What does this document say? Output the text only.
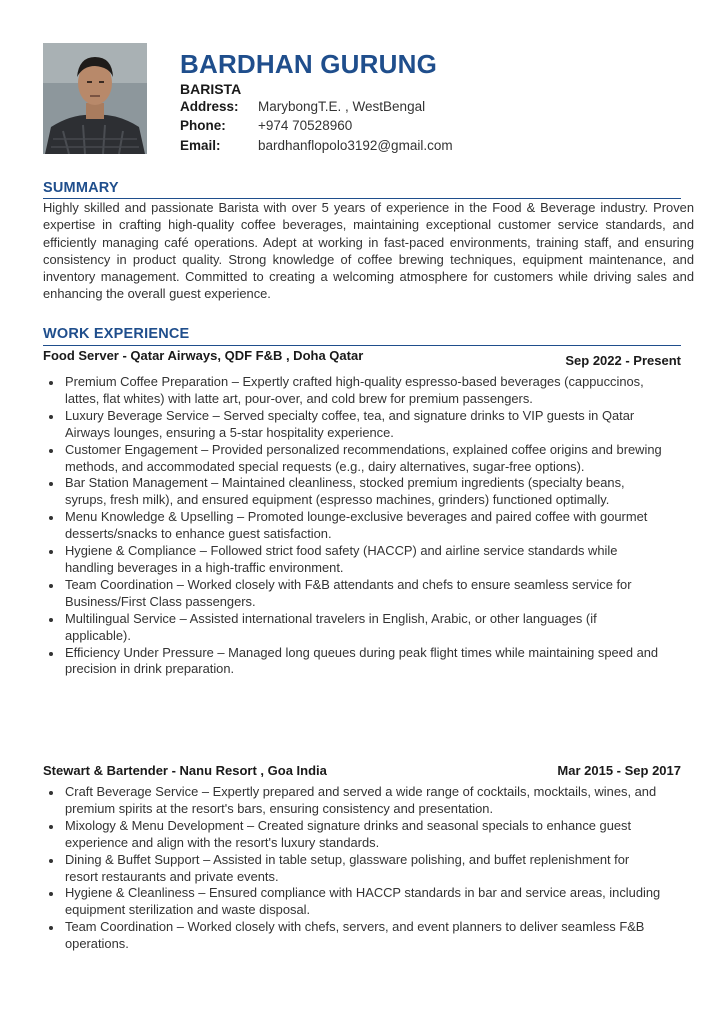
BARDHAN GURUNG
BARISTA
Address: MarybongT.E. , WestBengal
Phone: +974 70528960
Email:	bardhanflopolo3192@gmail.com
SUMMARY
Highly skilled and passionate Barista with over 5 years of experience in the Food & Beverage industry. Proven expertise in crafting high-quality coffee beverages, maintaining exceptional customer service standards, and efficiently managing café operations. Adept at working in fast-paced environments, training staff, and ensuring consistency in product quality. Strong knowledge of coffee brewing techniques, equipment maintenance, and inventory management. Committed to creating a welcoming atmosphere for customers while driving sales and enhancing the overall guest experience.
WORK EXPERIENCE
Food Server - Qatar Airways, QDF F&B , Doha Qatar	Sep 2022 - Present
Premium Coffee Preparation – Expertly crafted high-quality espresso-based beverages (cappuccinos, lattes, flat whites) with latte art, pour-over, and cold brew for premium passengers.
Luxury Beverage Service – Served specialty coffee, tea, and signature drinks to VIP guests in Qatar Airways lounges, ensuring a 5-star hospitality experience.
Customer Engagement – Provided personalized recommendations, explained coffee origins and brewing methods, and accommodated special requests (e.g., dairy alternatives, sugar-free options).
Bar Station Management – Maintained cleanliness, stocked premium ingredients (specialty beans, syrups, fresh milk), and ensured equipment (espresso machines, grinders) functioned optimally.
Menu Knowledge & Upselling – Promoted lounge-exclusive beverages and paired coffee with gourmet desserts/snacks to enhance guest satisfaction.
Hygiene & Compliance – Followed strict food safety (HACCP) and airline service standards while handling beverages in a high-traffic environment.
Team Coordination – Worked closely with F&B attendants and chefs to ensure seamless service for Business/First Class passengers.
Multilingual Service – Assisted international travelers in English, Arabic, or other languages (if applicable).
Efficiency Under Pressure – Managed long queues during peak flight times while maintaining speed and precision in drink preparation.
Stewart & Bartender - Nanu Resort , Goa India	Mar 2015 - Sep 2017
Craft Beverage Service – Expertly prepared and served a wide range of cocktails, mocktails, wines, and premium spirits at the resort's bars, ensuring consistency and presentation.
Mixology & Menu Development – Created signature drinks and seasonal specials to enhance guest experience and align with the resort's luxury standards.
Dining & Buffet Support – Assisted in table setup, glassware polishing, and buffet replenishment for resort restaurants and private events.
Hygiene & Cleanliness – Ensured compliance with HACCP standards in bar and service areas, including equipment sterilization and waste disposal.
Team Coordination – Worked closely with chefs, servers, and event planners to deliver seamless F&B operations.
